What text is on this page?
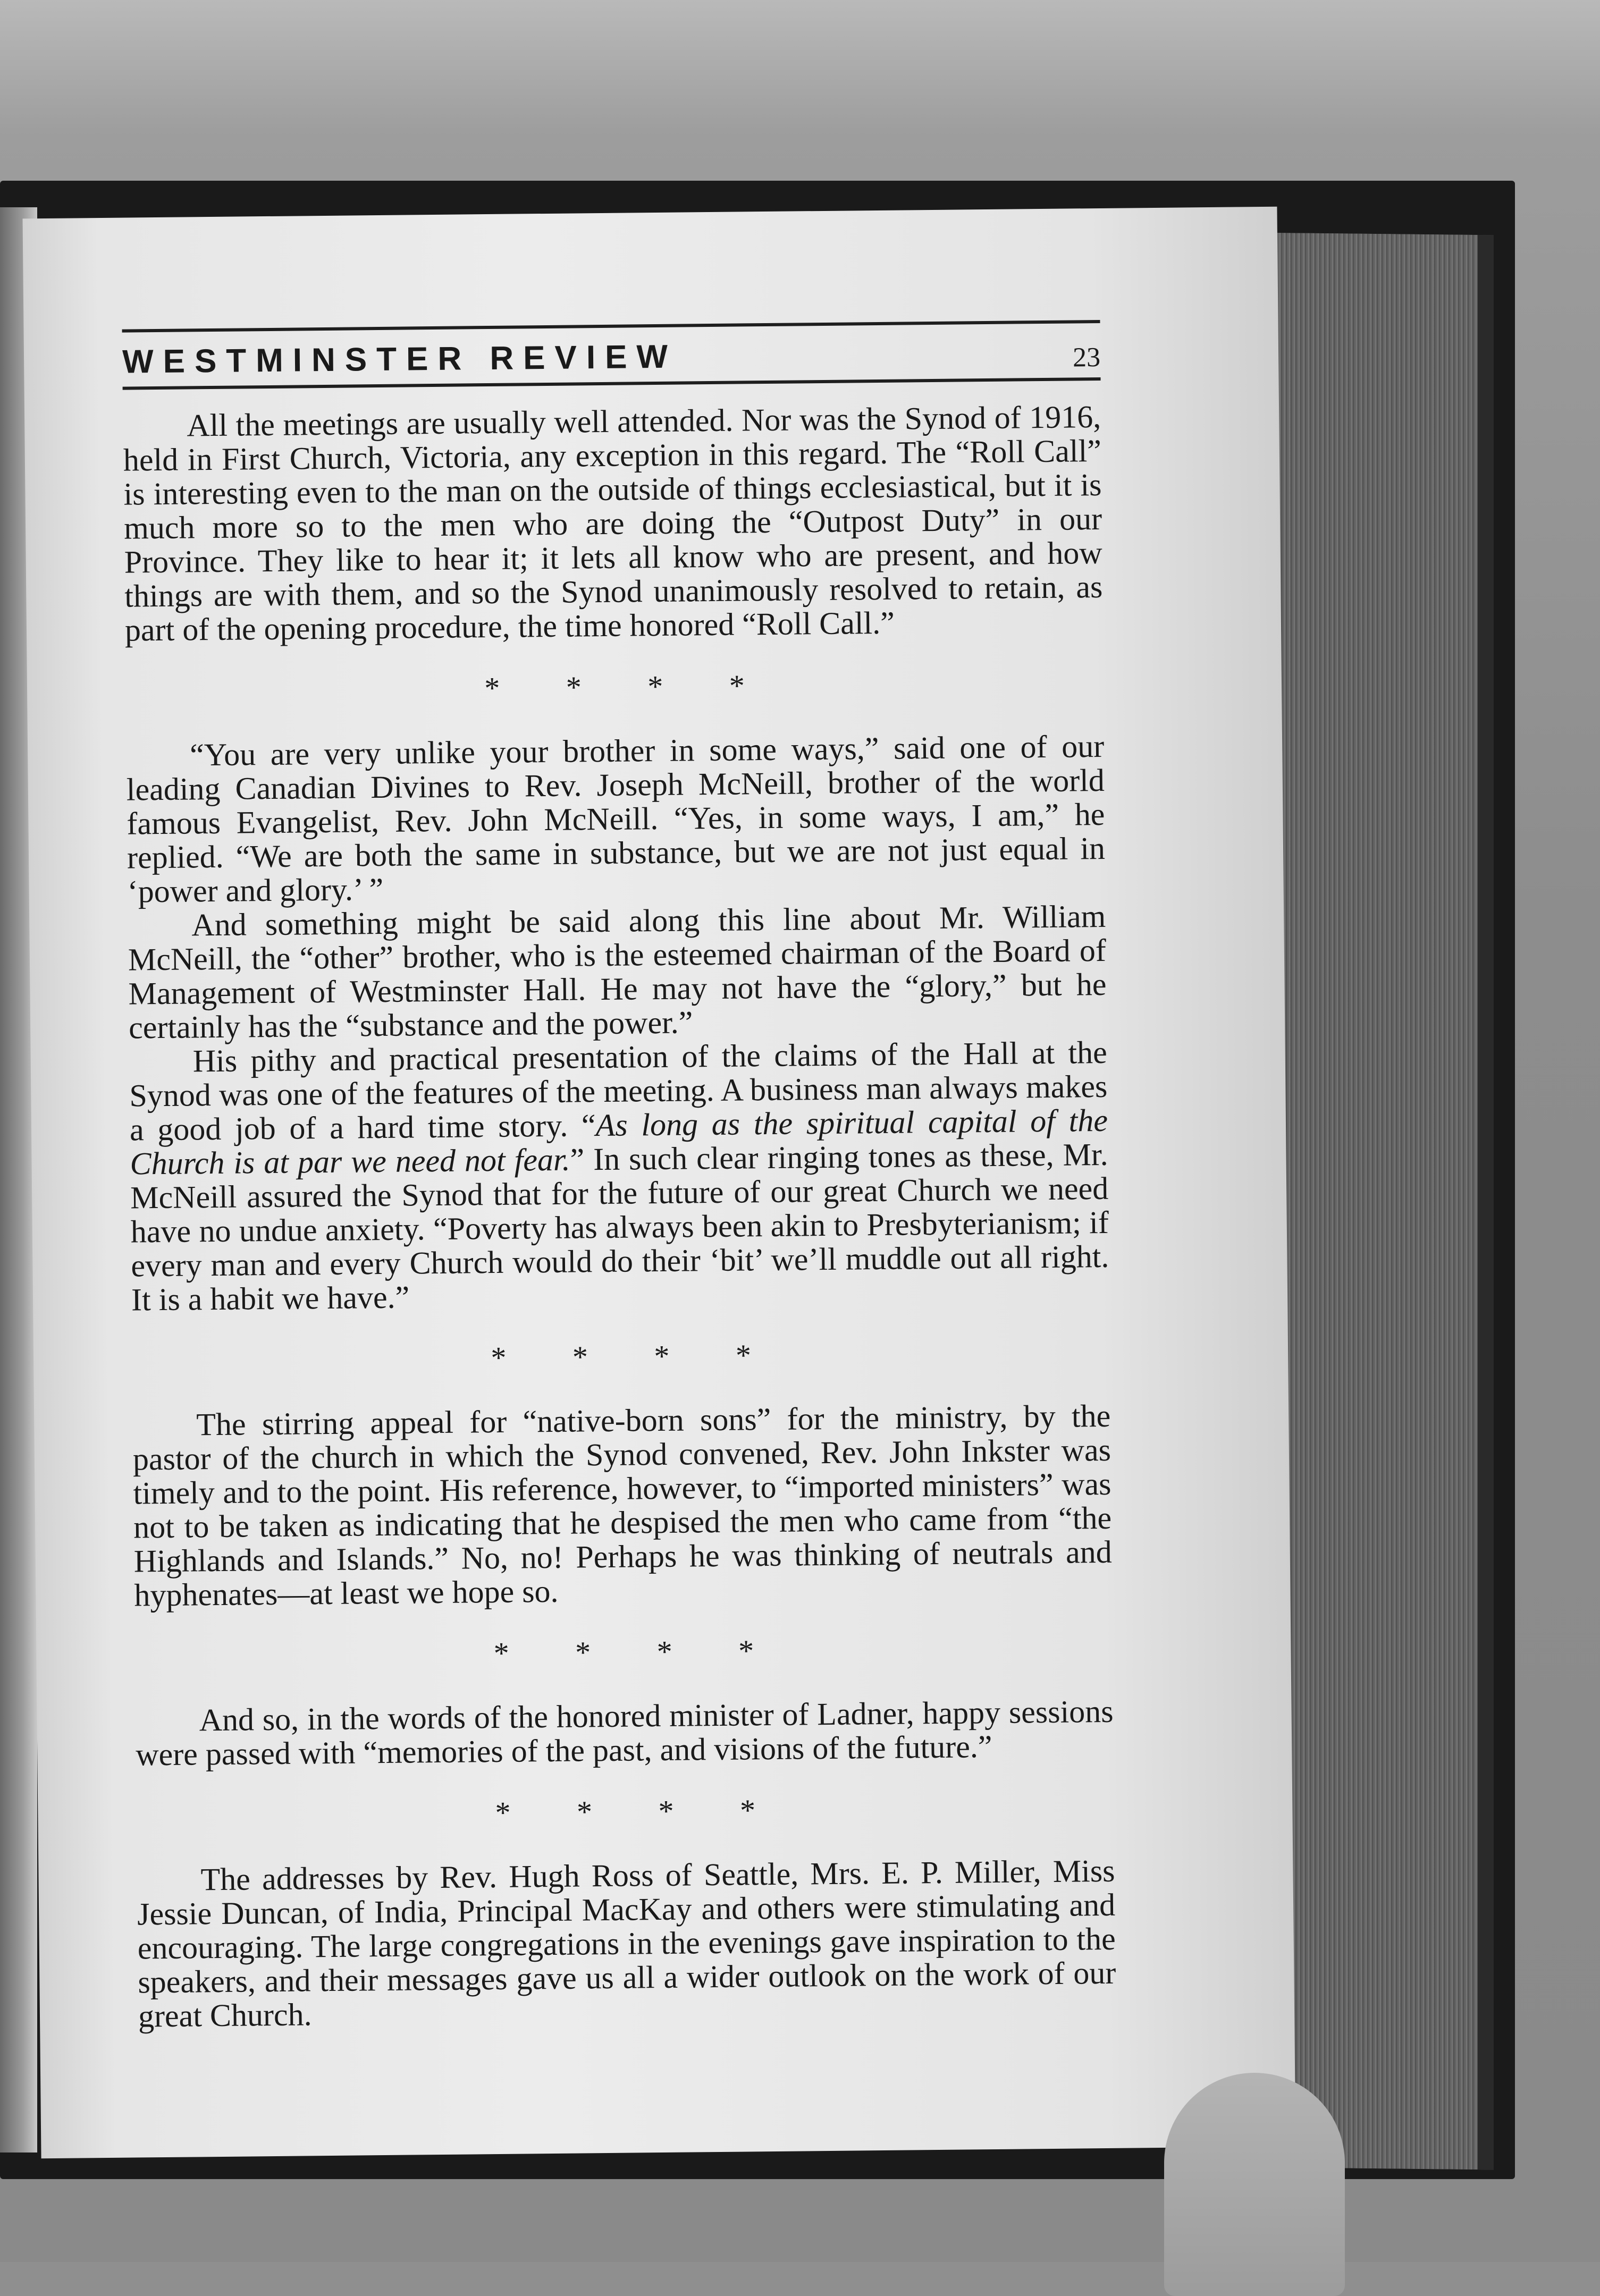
WESTMINSTER REVIEW	23

All the meetings are usually well attended. Nor was the Synod of 1916, held in First Church, Victoria, any exception in this regard. The “Roll Call” is interesting even to the man on the outside of things ecclesiastical, but it is much more so to the men who are doing the “Outpost Duty” in our Province. They like to hear it; it lets all know who are present, and how things are with them, and so the Synod unanimously resolved to retain, as part of the opening procedure, the time honored “Roll Call.”

* * * *

“You are very unlike your brother in some ways,” said one of our leading Canadian Divines to Rev. Joseph McNeill, brother of the world famous Evangelist, Rev. John McNeill. “Yes, in some ways, I am,” he replied. “We are both the same in substance, but we are not just equal in ‘power and glory.’ ”

And something might be said along this line about Mr. William McNeill, the “other” brother, who is the esteemed chairman of the Board of Management of Westminster Hall. He may not have the “glory,” but he certainly has the “substance and the power.”

His pithy and practical presentation of the claims of the Hall at the Synod was one of the features of the meeting. A business man always makes a good job of a hard time story. “As long as the spiritual capital of the Church is at par we need not fear.” In such clear ringing tones as these, Mr. McNeill assured the Synod that for the future of our great Church we need have no undue anxiety. “Poverty has always been akin to Presbyterianism; if every man and every Church would do their ‘bit’ we’ll muddle out all right. It is a habit we have.”

* * * *

The stirring appeal for “native-born sons” for the ministry, by the pastor of the church in which the Synod convened, Rev. John Inkster was timely and to the point. His reference, however, to “imported ministers” was not to be taken as indicating that he despised the men who came from “the Highlands and Islands.” No, no! Perhaps he was thinking of neutrals and hyphenates—at least we hope so.

* * * *

And so, in the words of the honored minister of Ladner, happy sessions were passed with “memories of the past, and visions of the future.”

* * * *

The addresses by Rev. Hugh Ross of Seattle, Mrs. E. P. Miller, Miss Jessie Duncan, of India, Principal MacKay and others were stimulating and encouraging. The large congregations in the evenings gave inspiration to the speakers, and their messages gave us all a wider outlook on the work of our great Church.
